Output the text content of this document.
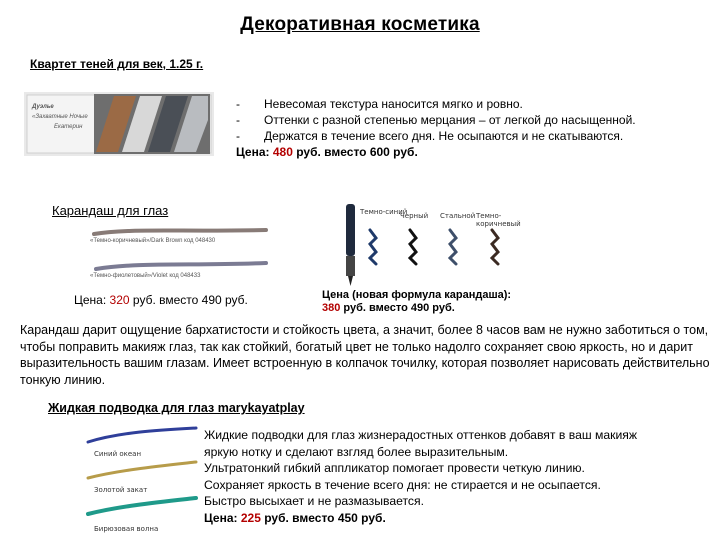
Декоративная косметика
Квартет теней для век, 1.25 г.
Дуэлье
«Захватные Ночые
Екатерин
- Невесомая текстура наносится мягко и ровно.
- Оттенки с разной степенью мерцания – от легкой до насыщенной.
- Держатся в течение всего дня. Не осыпаются и не скатываются.
Цена: 480 руб. вместо 600 руб.
Карандаш для глаз
«Темно-коричневый»/Dark Brown код 048430
«Темно-фиолетовый»/Violet код 048433
Цена: 320 руб. вместо 490 руб.
Темно-синий
Черный Стальной Темно-коричневый
Цена (новая формула карандаша):
380 руб. вместо 490 руб.
Карандаш дарит ощущение бархатистости и стойкость цвета, а значит, более 8 часов вам не нужно заботиться о том, чтобы поправить макияж глаз, так как стойкий, богатый цвет не только надолго сохраняет свою яркость, но и дарит выразительность вашим глазам. Имеет встроенную в колпачок точилку, которая позволяет нарисовать действительно тонкую линию.
Жидкая подводка для глаз marykayatplay
Синий океан
Золотой закат
Бирюзовая волна
Жидкие подводки для глаз жизнерадостных оттенков добавят в ваш макияж
яркую нотку и сделают взгляд более выразительным.
Ультратонкий гибкий аппликатор помогает провести четкую линию.
Сохраняет яркость в течение всего дня: не стирается и не осыпается.
Быстро высыхает и не размазывается.
Цена: 225 руб. вместо 450 руб.
